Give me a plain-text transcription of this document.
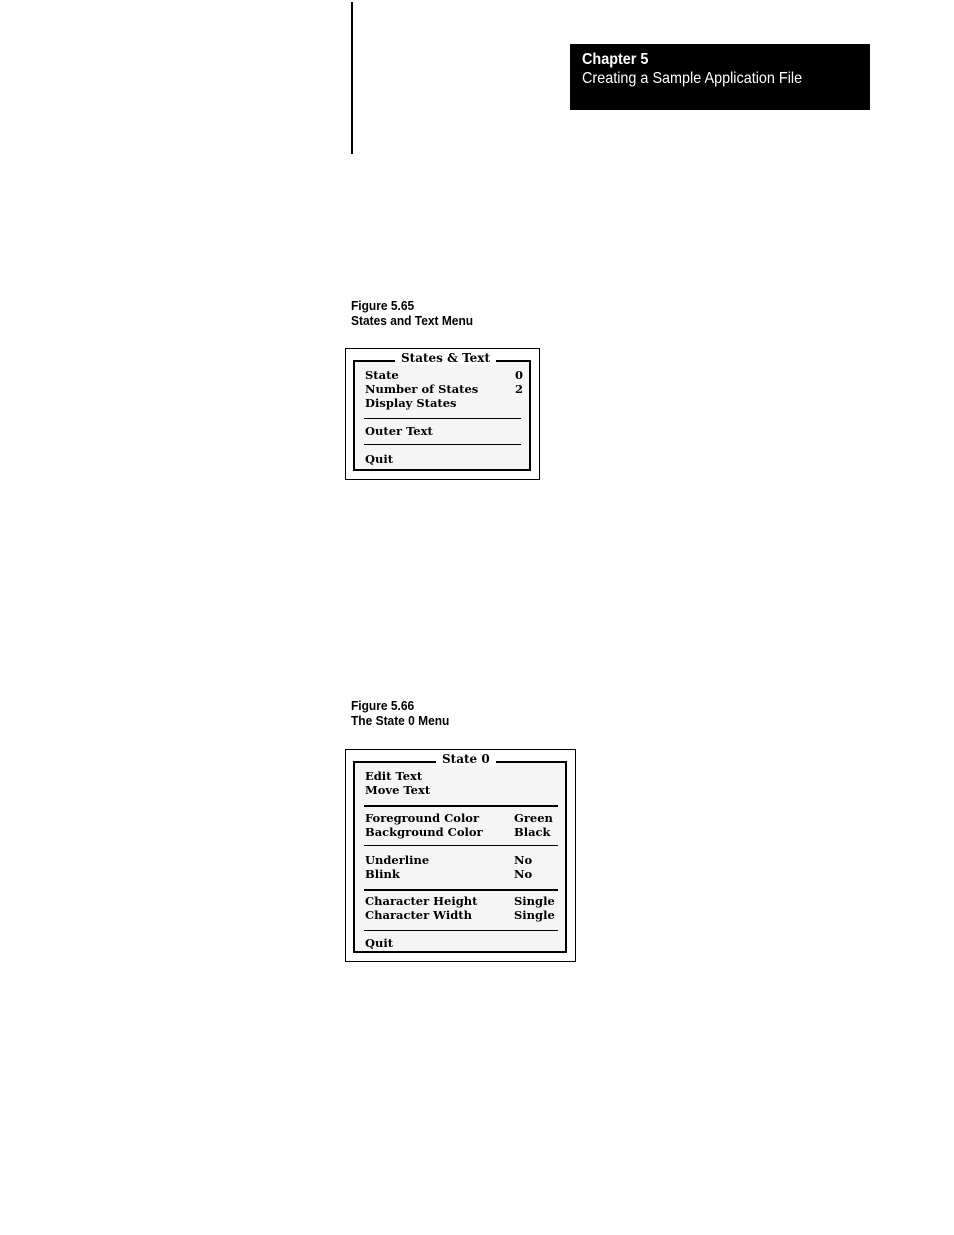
Chapter 5
Creating a Sample Application File
Figure 5.65
States and Text Menu
States & Text
State	0
Number of States	2
Display States
Outer Text
Quit
Figure 5.66
The State 0 Menu
State 0
Edit Text
Move Text
Foreground Color	Green
Background Color	Black
Underline	No
Blink	No
Character Height	Single
Character Width	Single
Quit
